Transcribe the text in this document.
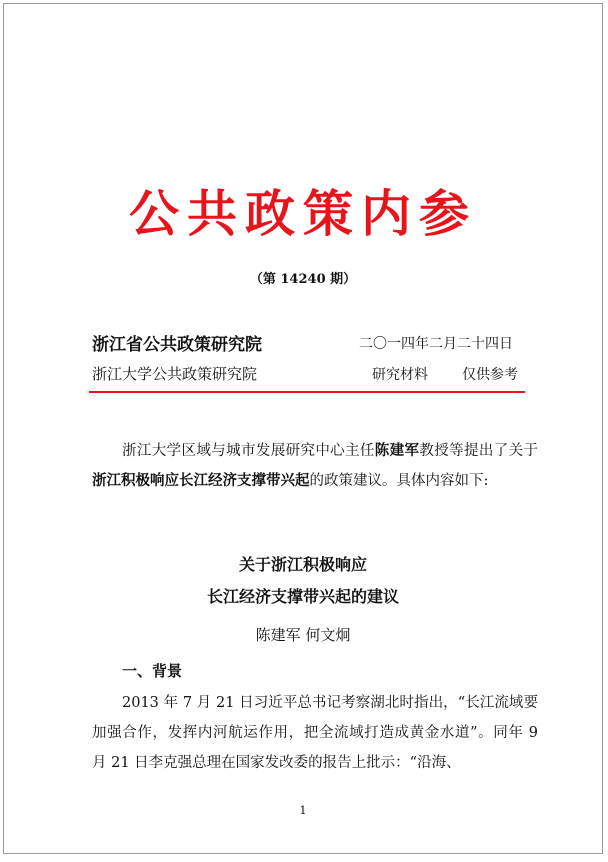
公共政策内参
（第 14240 期）
浙江省公共政策研究院	二〇一四年二月二十四日
浙江大学公共政策研究院	研究材料 仅供参考
浙江大学区域与城市发展研究中心主任陈建军教授等提出了关于浙江积极响应长江经济支撑带兴起的政策建议。具体内容如下:
关于浙江积极响应
长江经济支撑带兴起的建议
陈建军 何文炯
一、背景
2013 年 7 月 21 日习近平总书记考察湖北时指出，“长江流域要加强合作，发挥内河航运作用，把全流域打造成黄金水道”。同年 9 月 21 日李克强总理在国家发改委的报告上批示：“沿海、
1
